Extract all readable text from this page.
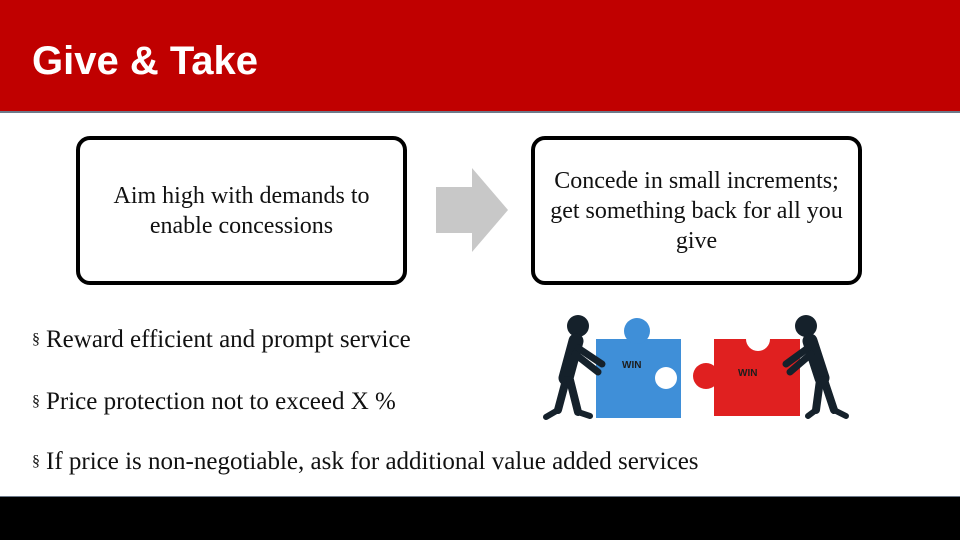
Give & Take
Aim high with demands to enable concessions
Concede in small increments; get something back for all you give
§ Reward efficient and prompt service
§ Price protection not to exceed X %
§ If price is non-negotiable, ask for additional value added services
WIN
WIN
